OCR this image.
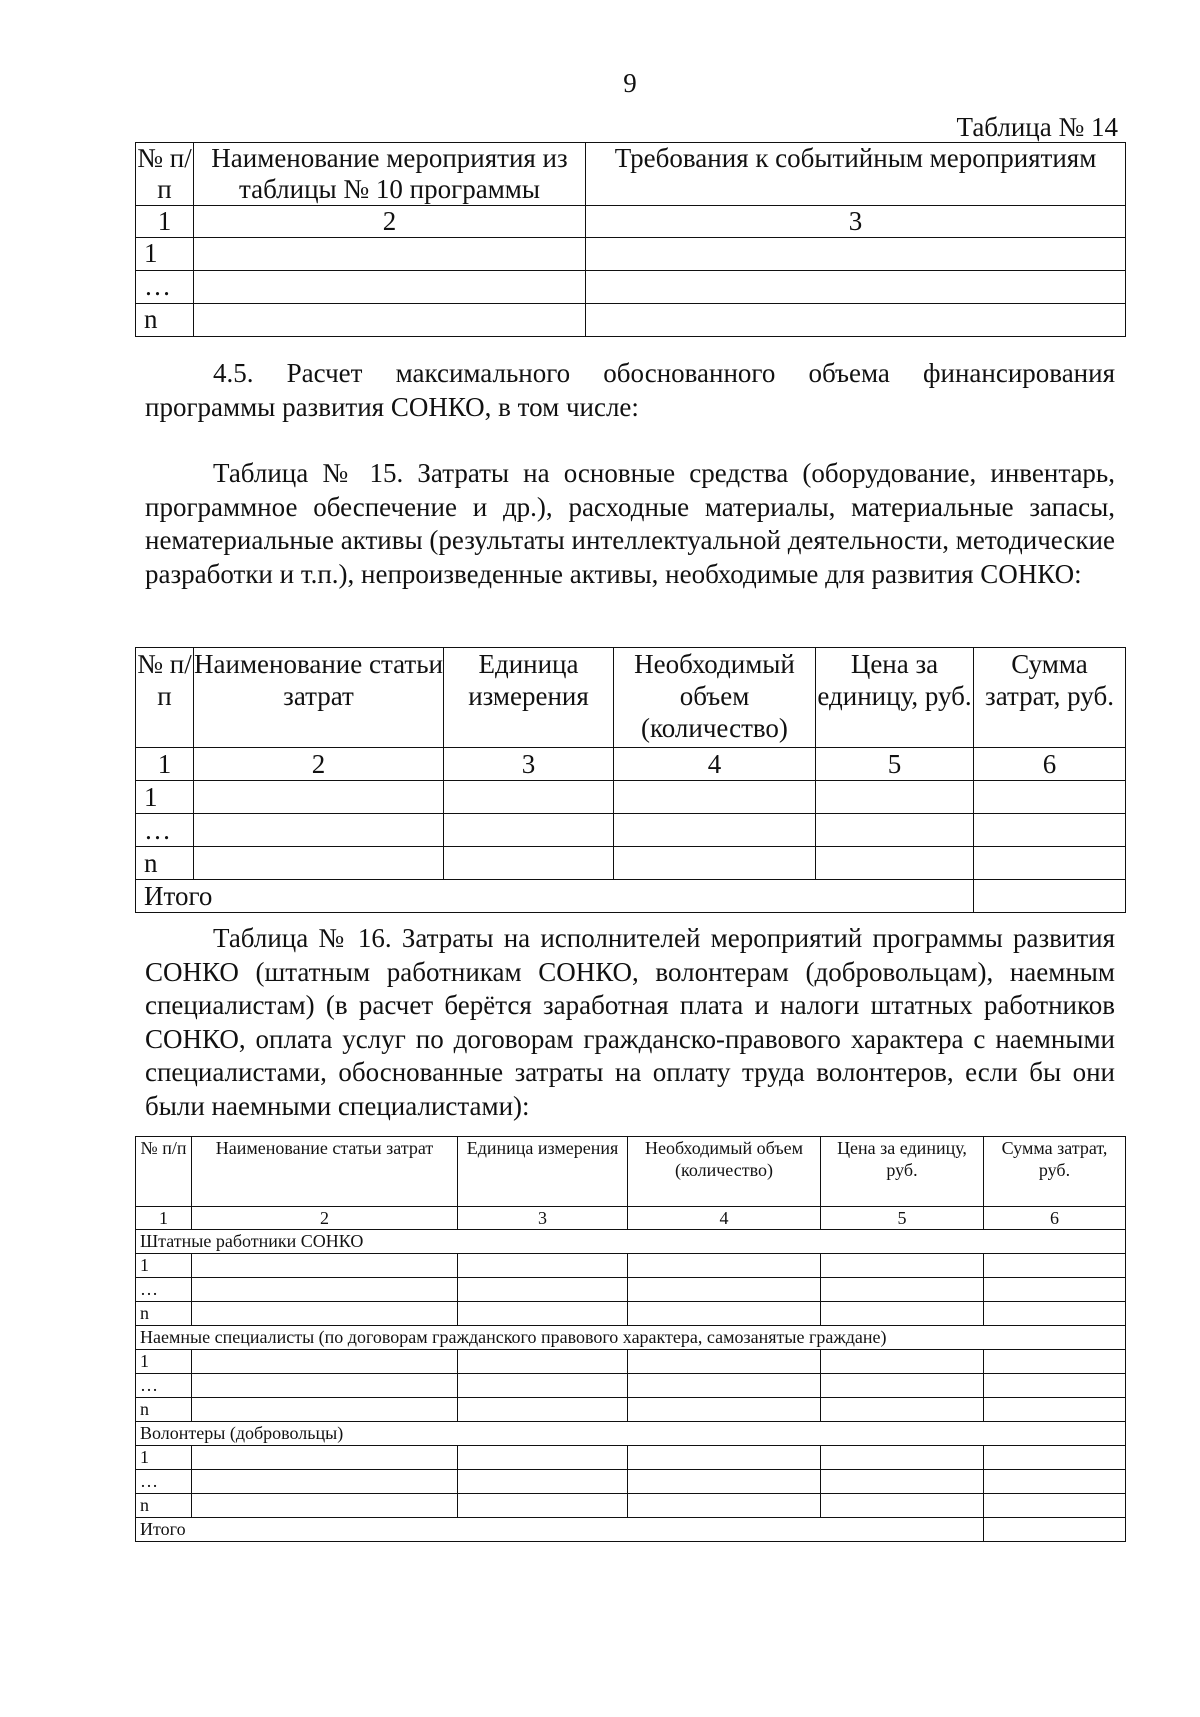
9
Таблица № 14
№ п/п	Наименование мероприятия из таблицы № 10 программы	Требования к событийным мероприятиям
1	2	3
1		
…		
n		
4.5. Расчет максимального обоснованного объема финансирования программы развития СОНКО, в том числе:
Таблица № 15. Затраты на основные средства (оборудование, инвентарь, программное обеспечение и др.), расходные материалы, материальные запасы, нематериальные активы (результаты интеллектуальной деятельности, методические разработки и т.п.), непроизведенные активы, необходимые для развития СОНКО:
№ п/п	Наименование статьи затрат	Единица измерения	Необходимый объем (количество)	Цена за единицу, руб.	Сумма затрат, руб.
1	2	3	4	5	6
1					
…					
n					
Итого					
Таблица № 16. Затраты на исполнителей мероприятий программы развития СОНКО (штатным работникам СОНКО, волонтерам (добровольцам), наемным специалистам) (в расчет берётся заработная плата и налоги штатных работников СОНКО, оплата услуг по договорам гражданско-правового характера с наемными специалистами, обоснованные затраты на оплату труда волонтеров, если бы они были наемными специалистами):
№ п/п	Наименование статьи затрат	Единица измерения	Необходимый объем (количество)	Цена за единицу, руб.	Сумма затрат, руб.
1	2	3	4	5	6
Штатные работники СОНКО					
1					
…					
n					
Наемные специалисты (по договорам гражданского правового характера, самозанятые граждане)					
1					
…					
n					
Волонтеры (добровольцы)					
1					
…					
n					
Итого					
